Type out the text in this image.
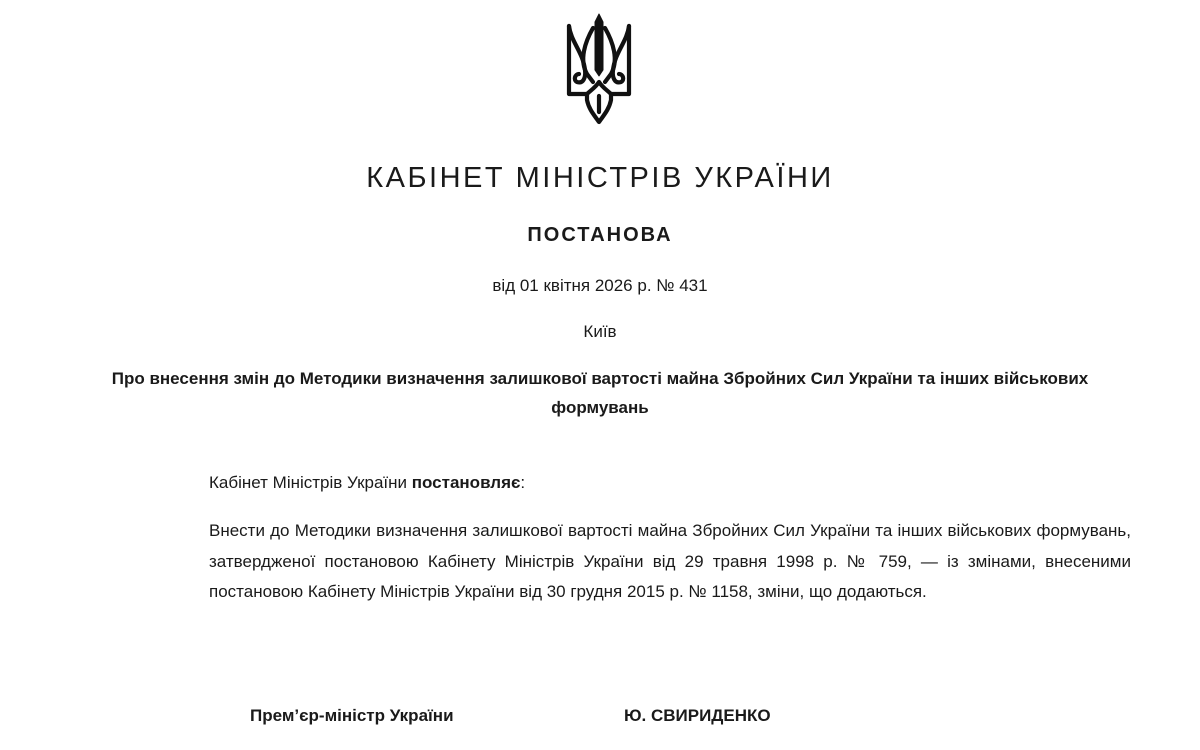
КАБІНЕТ МІНІСТРІВ УКРАЇНИ
ПОСТАНОВА

від 01 квітня 2026 р. № 431

Київ

Про внесення змін до Методики визначення залишкової вартості майна Збройних Сил України та інших військових формувань

Кабінет Міністрів України постановляє:

Внести до Методики визначення залишкової вартості майна Збройних Сил України та інших військових формувань, затвердженої постановою Кабінету Міністрів України від 29 травня 1998 р. № 759, — із змінами, внесеними постановою Кабінету Міністрів України від 30 грудня 2015 р. № 1158, зміни, що додаються.

Прем’єр-міністр України	Ю. СВИРИДЕНКО
